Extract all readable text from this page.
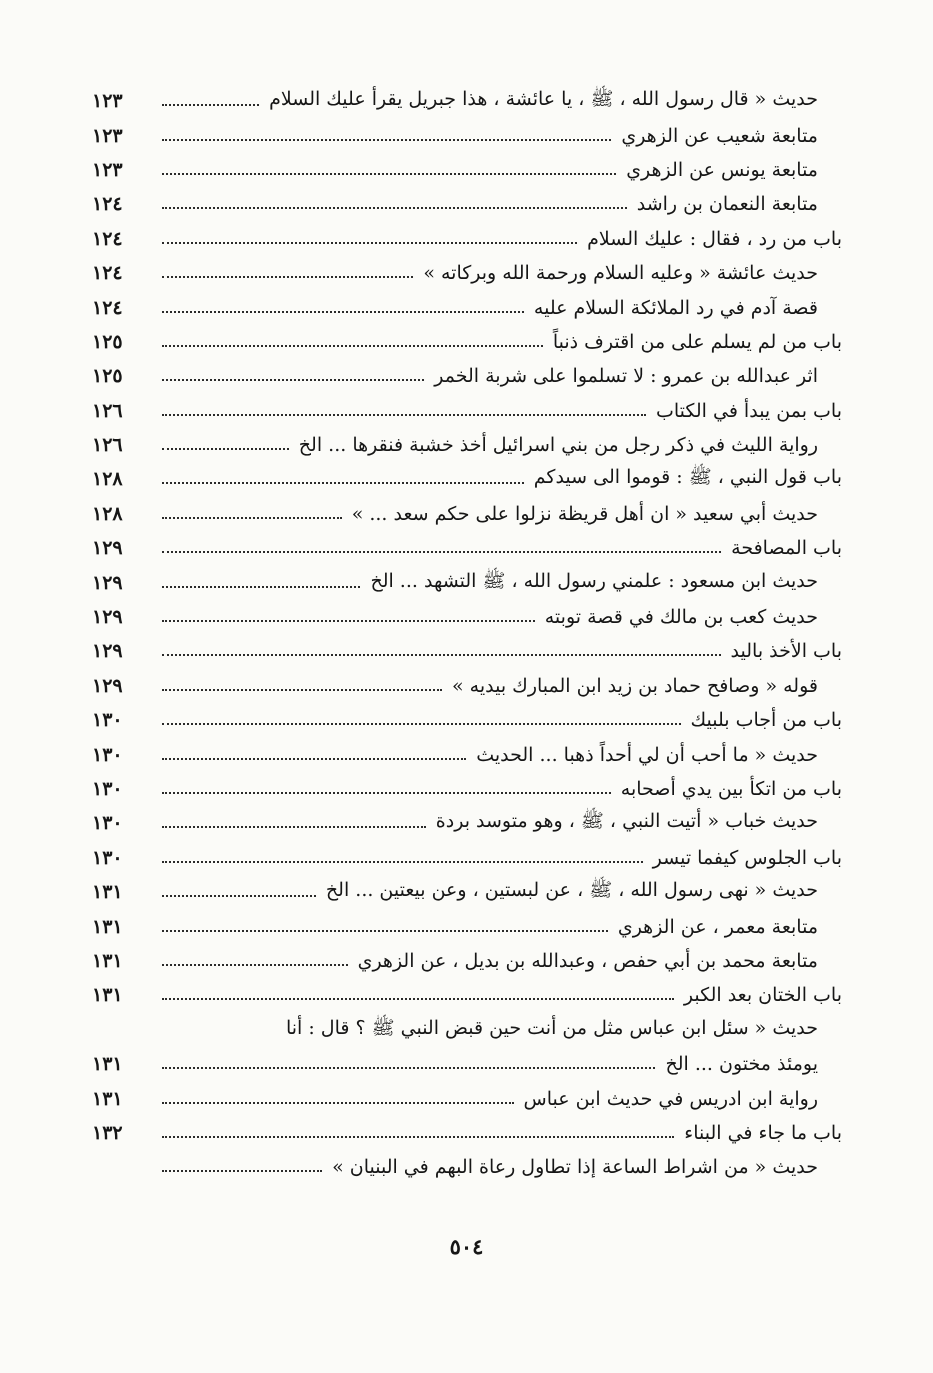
حديث « قال رسول الله ، ﷺ ، يا عائشة ، هذا جبريل يقرأ عليك السلام
١٢٣
متابعة شعيب عن الزهري
١٢٣
متابعة يونس عن الزهري
١٢٣
متابعة النعمان بن راشد
١٢٤
باب من رد ، فقال : عليك السلام
١٢٤
حديث عائشة « وعليه السلام ورحمة الله وبركاته »
١٢٤
قصة آدم في رد الملائكة السلام عليه
١٢٤
باب من لم يسلم على من اقترف ذنباً
١٢٥
اثر عبدالله بن عمرو : لا تسلموا على شربة الخمر
١٢٥
باب بمن يبدأ في الكتاب
١٢٦
رواية الليث في ذكر رجل من بني اسرائيل أخذ خشبة فنقرها ... الخ
١٢٦
باب قول النبي ، ﷺ : قوموا الى سيدكم
١٢٨
حديث أبي سعيد « ان أهل قريظة نزلوا على حكم سعد ... »
١٢٨
باب المصافحة
١٢٩
حديث ابن مسعود : علمني رسول الله ، ﷺ التشهد ... الخ
١٢٩
حديث كعب بن مالك في قصة توبته
١٢٩
باب الأخذ باليد
١٢٩
قوله « وصافح حماد بن زيد ابن المبارك بيديه »
١٢٩
باب من أجاب بلبيك
١٣٠
حديث « ما أحب أن لي أحداً ذهبا ... الحديث
١٣٠
باب من اتكأ بين يدي أصحابه
١٣٠
حديث خباب « أتيت النبي ، ﷺ ، وهو متوسد بردة
١٣٠
باب الجلوس كيفما تيسر
١٣٠
حديث « نهى رسول الله ، ﷺ ، عن لبستين ، وعن بيعتين ... الخ
١٣١
متابعة معمر ، عن الزهري
١٣١
متابعة محمد بن أبي حفص ، وعبدالله بن بديل ، عن الزهري
١٣١
باب الختان بعد الكبر
١٣١
حديث « سئل ابن عباس مثل من أنت حين قبض النبي ﷺ ؟ قال : أنا
يومئذ مختون ... الخ
١٣١
رواية ابن ادريس في حديث ابن عباس
١٣١
باب ما جاء في البناء
١٣٢
حديث « من اشراط الساعة إذا تطاول رعاة البهم في البنيان »
٥٠٤
